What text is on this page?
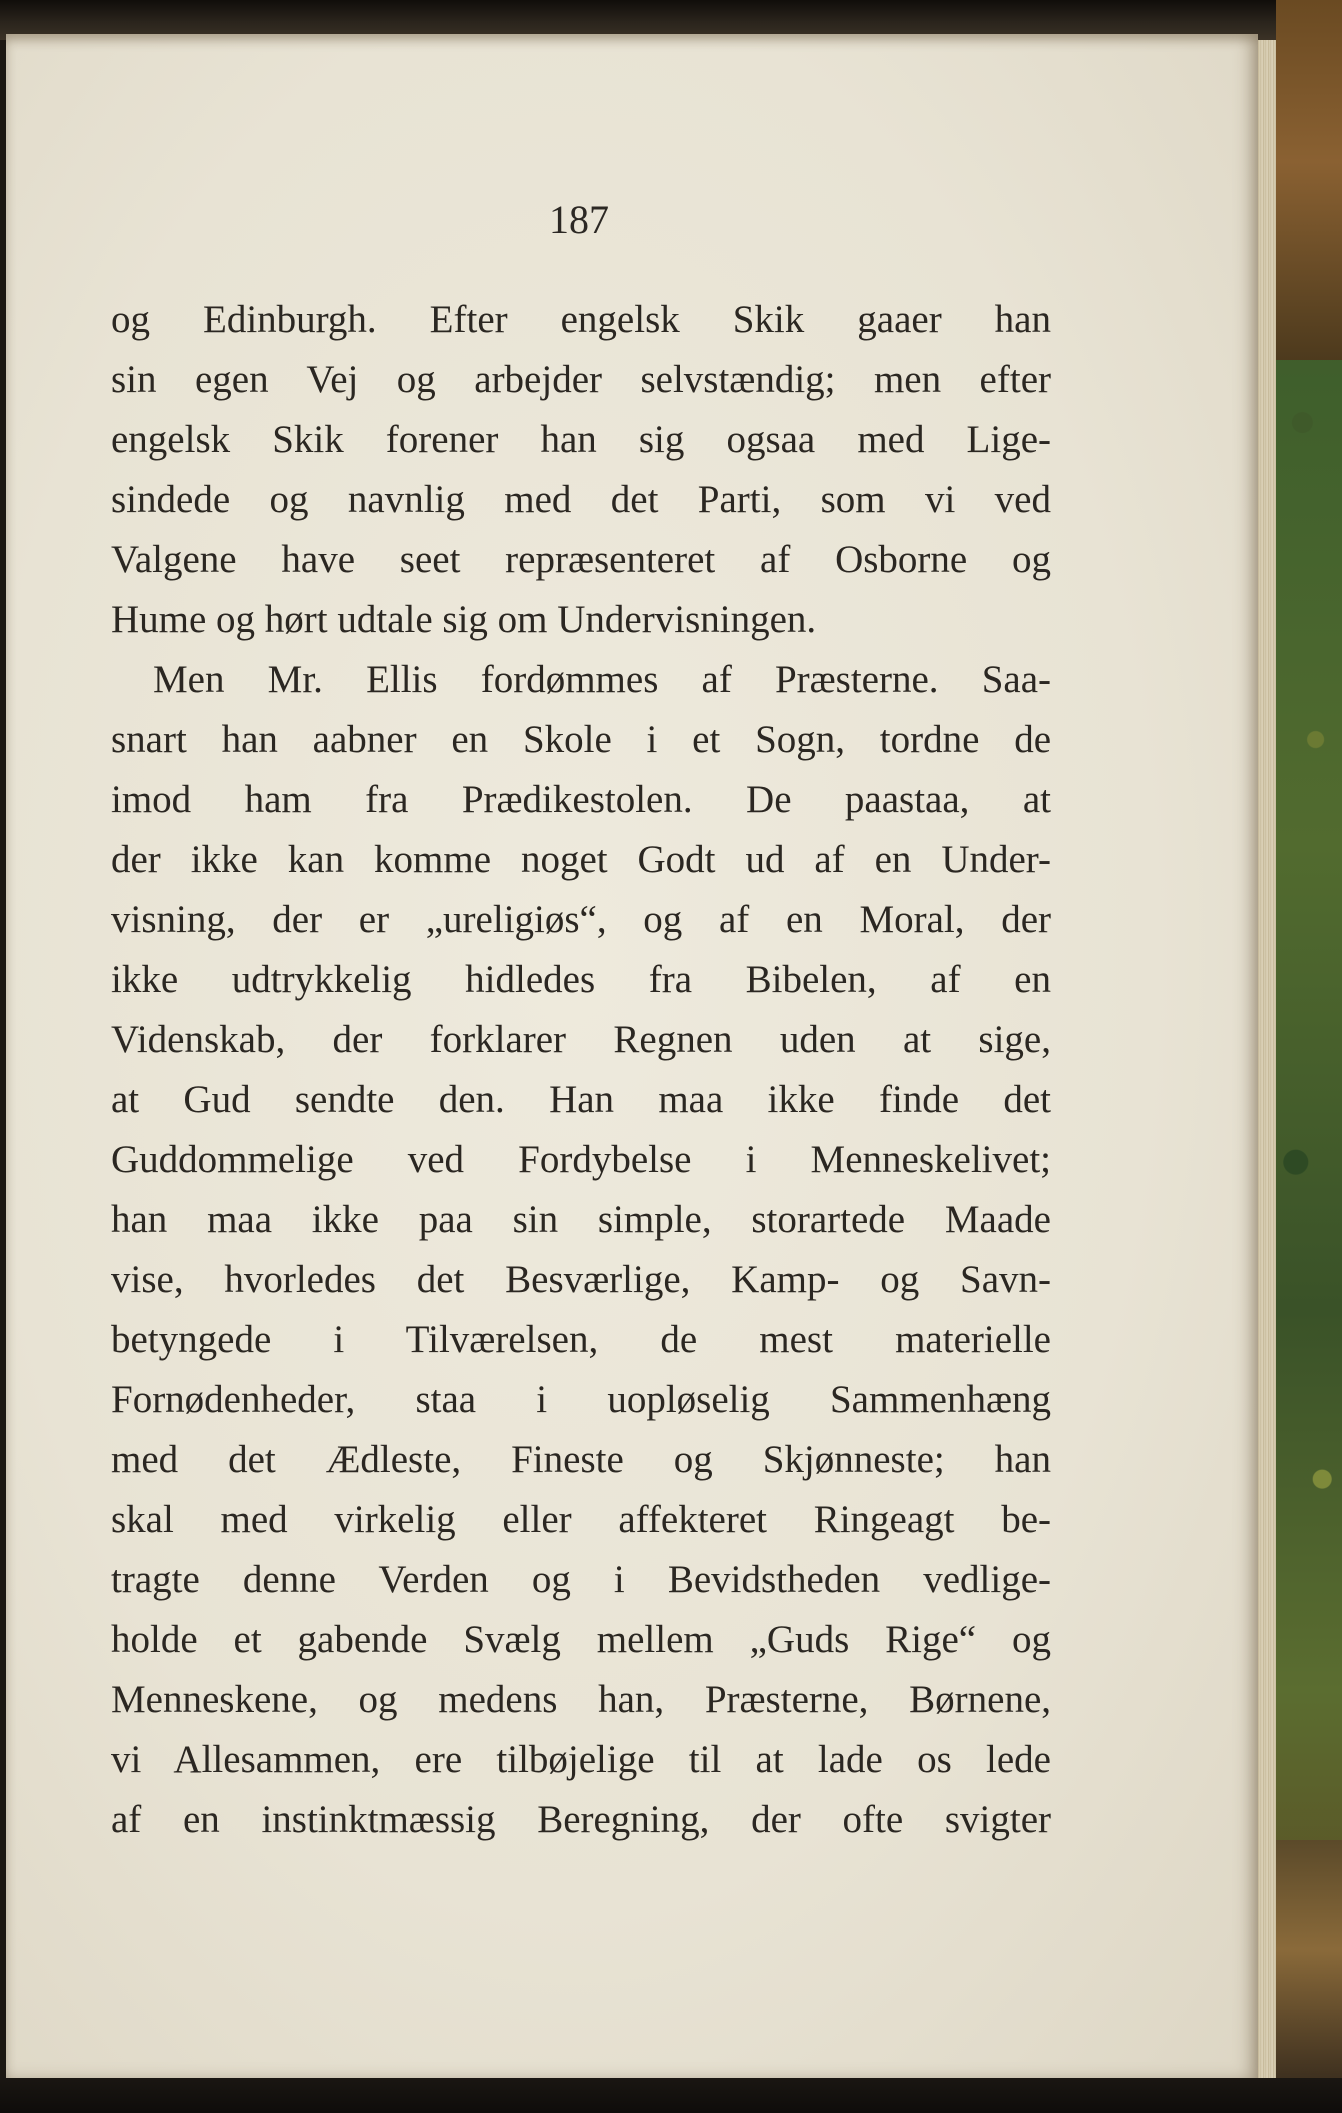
187
og Edinburgh. Efter engelsk Skik gaaer han
sin egen Vej og arbejder selvstændig; men efter
engelsk Skik forener han sig ogsaa med Lige-
sindede og navnlig med det Parti, som vi ved
Valgene have seet repræsenteret af Osborne og
Hume og hørt udtale sig om Undervisningen.
Men Mr. Ellis fordømmes af Præsterne. Saa-
snart han aabner en Skole i et Sogn, tordne de
imod ham fra Prædikestolen. De paastaa, at
der ikke kan komme noget Godt ud af en Under-
visning, der er „ureligiøs“, og af en Moral, der
ikke udtrykkelig hidledes fra Bibelen, af en
Videnskab, der forklarer Regnen uden at sige,
at Gud sendte den. Han maa ikke finde det
Guddommelige ved Fordybelse i Menneskelivet;
han maa ikke paa sin simple, storartede Maade
vise, hvorledes det Besværlige, Kamp- og Savn-
betyngede i Tilværelsen, de mest materielle
Fornødenheder, staa i uopløselig Sammenhæng
med det Ædleste, Fineste og Skjønneste; han
skal med virkelig eller affekteret Ringeagt be-
tragte denne Verden og i Bevidstheden vedlige-
holde et gabende Svælg mellem „Guds Rige“ og
Menneskene, og medens han, Præsterne, Børnene,
vi Allesammen, ere tilbøjelige til at lade os lede
af en instinktmæssig Beregning, der ofte svigter
